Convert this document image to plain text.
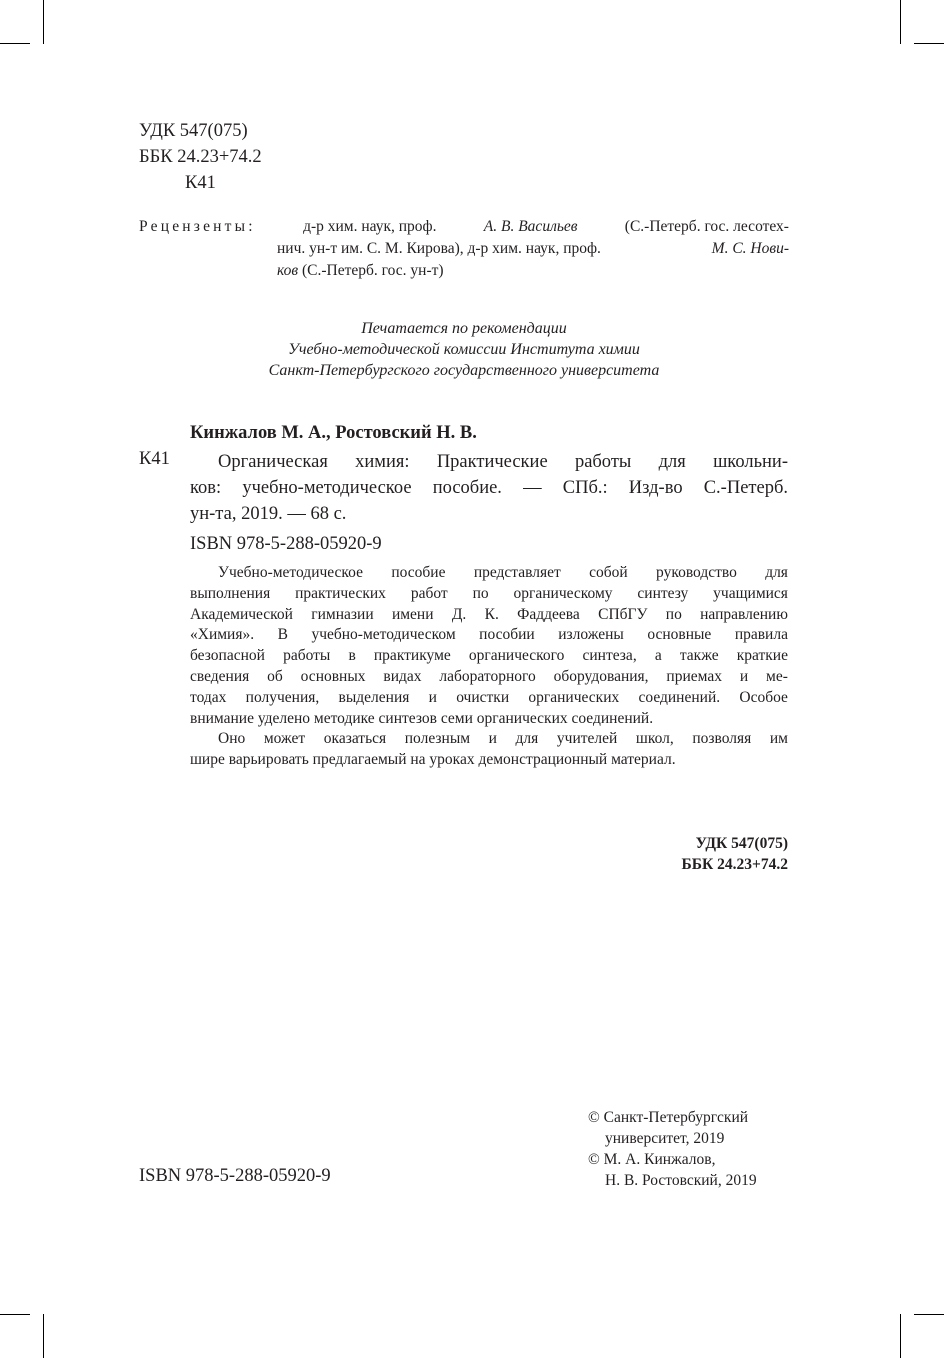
УДК 547(075)
ББК 24.23+74.2
К41
Рецензенты:	д-р хим. наук, проф.	А. В. Васильев	(С.-Петерб. гос. лесотех-
нич. ун-т им. С. М. Кирова), д-р хим. наук, проф.	М. С. Нови-
ков (С.-Петерб. гос. ун-т)
Печатается по рекомендации
Учебно-методической комиссии Института химии
Санкт-Петербургского государственного университета
Кинжалов М. А., Ростовский Н. В.
К41	Органическая химия: Практические работы для школьни-
ков: учебно-методическое пособие. — СПб.: Изд-во С.-Петерб.
ун-та, 2019. — 68 с.
ISBN 978-5-288-05920-9
Учебно-методическое пособие представляет собой руководство для
выполнения практических работ по органическому синтезу учащимися
Академической гимназии имени Д. К. Фаддеева СПбГУ по направлению
«Химия». В учебно-методическом пособии изложены основные правила
безопасной работы в практикуме органического синтеза, а также краткие
сведения об основных видах лабораторного оборудования, приемах и ме-
тодах получения, выделения и очистки органических соединений. Особое
внимание уделено методике синтезов семи органических соединений.
Оно может оказаться полезным и для учителей школ, позволяя им
шире варьировать предлагаемый на уроках демонстрационный материал.
УДК 547(075)
ББК 24.23+74.2
© Санкт-Петербургский
университет, 2019
© М. А. Кинжалов,
Н. В. Ростовский, 2019
ISBN 978-5-288-05920-9
